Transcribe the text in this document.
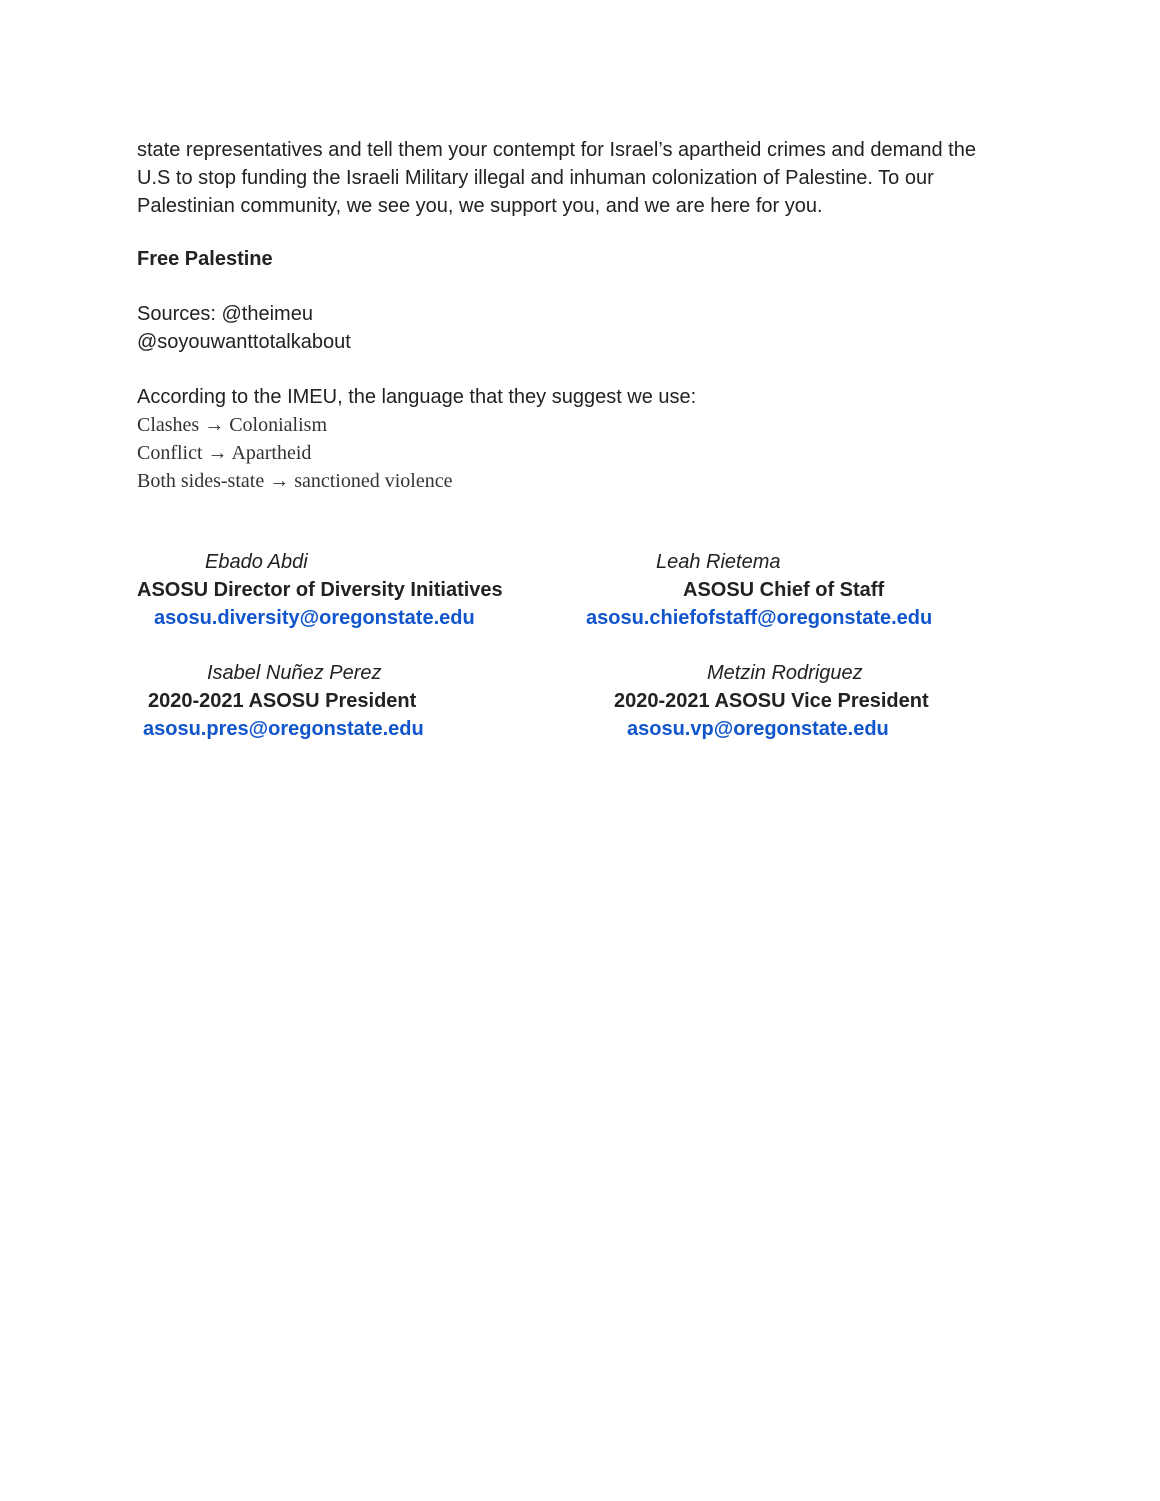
state representatives and tell them your contempt for Israel’s apartheid crimes and demand the
U.S to stop funding the Israeli Military illegal and inhuman colonization of Palestine. To our
Palestinian community, we see you, we support you, and we are here for you.

Free Palestine

Sources: @theimeu
@soyouwanttotalkabout
According to the IMEU, the language that they suggest we use:
Clashes → Colonialism
Conflict → Apartheid
Both sides-state → sanctioned violence
Ebado Abdi
ASOSU Director of Diversity Initiatives
asosu.diversity@oregonstate.edu
Leah Rietema
ASOSU Chief of Staff
asosu.chiefofstaff@oregonstate.edu
Isabel Nuñez Perez
2020-2021 ASOSU President
asosu.pres@oregonstate.edu
Metzin Rodriguez
2020-2021 ASOSU Vice President
asosu.vp@oregonstate.edu
